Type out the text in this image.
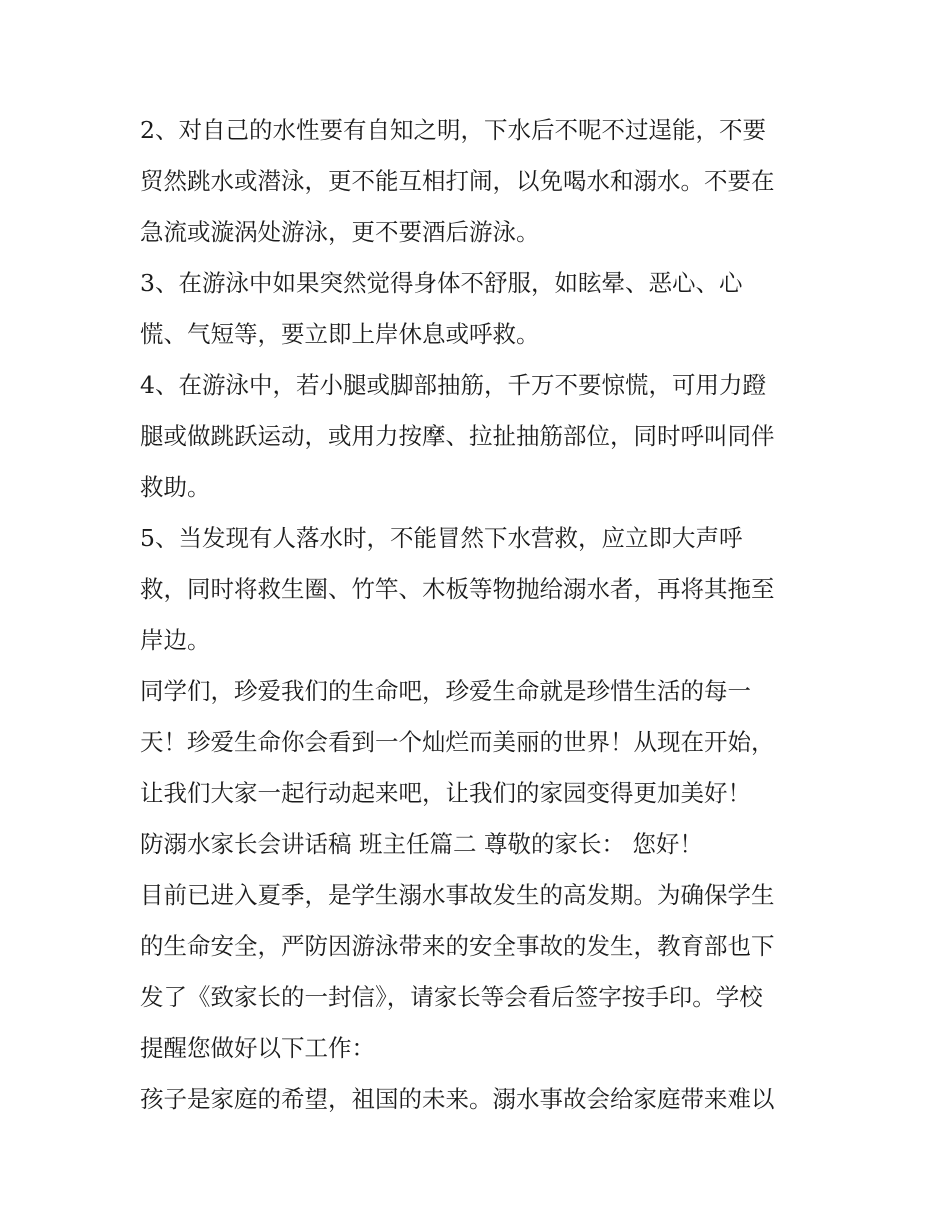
2、对自己的水性要有自知之明，下水后不呢不过逞能，不要
贸然跳水或潜泳，更不能互相打闹，以免喝水和溺水。不要在
急流或漩涡处游泳，更不要酒后游泳。
3、在游泳中如果突然觉得身体不舒服，如眩晕、恶心、心
慌、气短等，要立即上岸休息或呼救。
4、在游泳中，若小腿或脚部抽筋，千万不要惊慌，可用力蹬
腿或做跳跃运动，或用力按摩、拉扯抽筋部位，同时呼叫同伴
救助。
5、当发现有人落水时，不能冒然下水营救，应立即大声呼
救，同时将救生圈、竹竿、木板等物抛给溺水者，再将其拖至
岸边。
同学们，珍爱我们的生命吧，珍爱生命就是珍惜生活的每一
天！珍爱生命你会看到一个灿烂而美丽的世界！从现在开始，
让我们大家一起行动起来吧，让我们的家园变得更加美好！
防溺水家长会讲话稿 班主任篇二 尊敬的家长： 您好！
目前已进入夏季，是学生溺水事故发生的高发期。为确保学生
的生命安全，严防因游泳带来的安全事故的发生，教育部也下
发了《致家长的一封信》，请家长等会看后签字按手印。学校
提醒您做好以下工作：
孩子是家庭的希望，祖国的未来。溺水事故会给家庭带来难以
